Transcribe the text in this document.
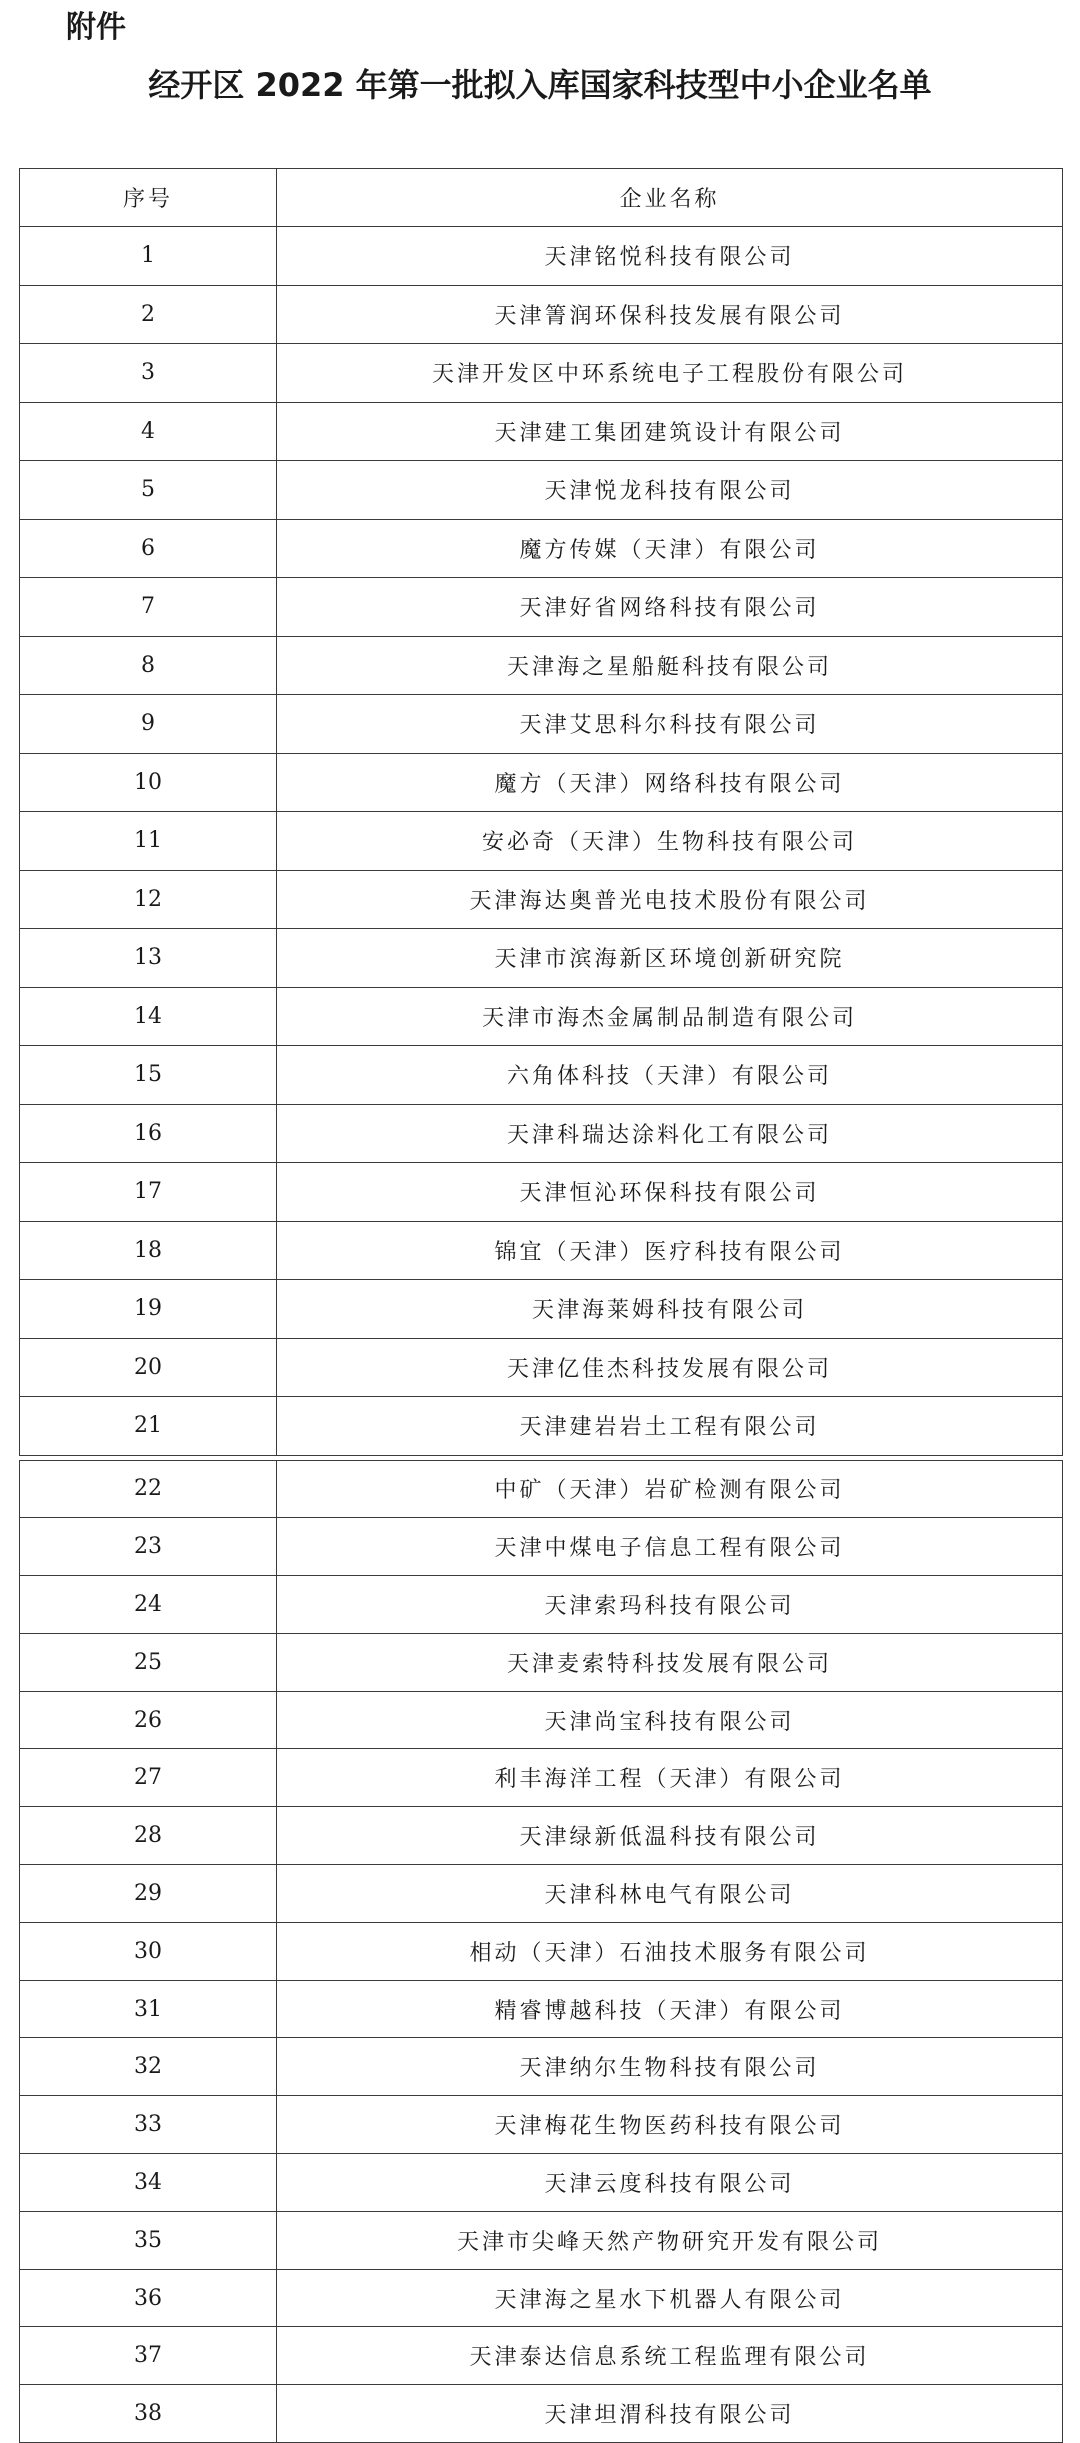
附件
经开区 2022 年第一批拟入库国家科技型中小企业名单
序号	企业名称
1	天津铭悦科技有限公司
2	天津箐润环保科技发展有限公司
3	天津开发区中环系统电子工程股份有限公司
4	天津建工集团建筑设计有限公司
5	天津悦龙科技有限公司
6	魔方传媒（天津）有限公司
7	天津好省网络科技有限公司
8	天津海之星船艇科技有限公司
9	天津艾思科尔科技有限公司
10	魔方（天津）网络科技有限公司
11	安必奇（天津）生物科技有限公司
12	天津海达奥普光电技术股份有限公司
13	天津市滨海新区环境创新研究院
14	天津市海杰金属制品制造有限公司
15	六角体科技（天津）有限公司
16	天津科瑞达涂料化工有限公司
17	天津恒沁环保科技有限公司
18	锦宜（天津）医疗科技有限公司
19	天津海莱姆科技有限公司
20	天津亿佳杰科技发展有限公司
21	天津建岩岩土工程有限公司

22	中矿（天津）岩矿检测有限公司
23	天津中煤电子信息工程有限公司
24	天津索玛科技有限公司
25	天津麦索特科技发展有限公司
26	天津尚宝科技有限公司
27	利丰海洋工程（天津）有限公司
28	天津绿新低温科技有限公司
29	天津科林电气有限公司
30	相动（天津）石油技术服务有限公司
31	精睿博越科技（天津）有限公司
32	天津纳尔生物科技有限公司
33	天津梅花生物医药科技有限公司
34	天津云度科技有限公司
35	天津市尖峰天然产物研究开发有限公司
36	天津海之星水下机器人有限公司
37	天津泰达信息系统工程监理有限公司
38	天津坦渭科技有限公司
